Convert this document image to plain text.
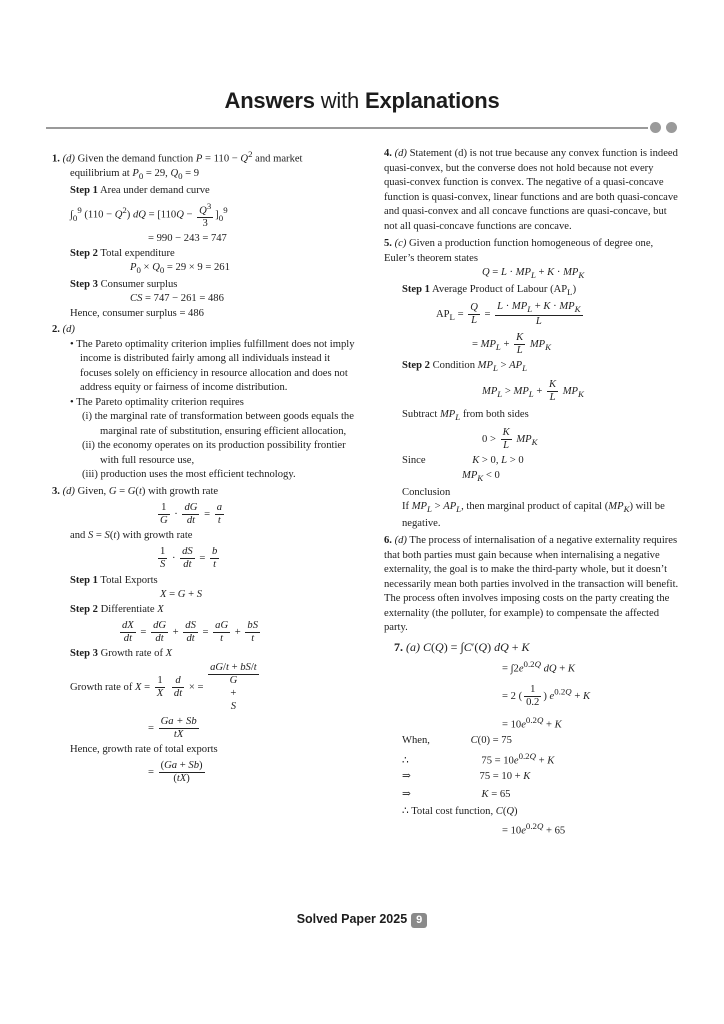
Answers with Explanations
1. (d) Given the demand function $P = 110 - Q^2$ and market
equilibrium at $P_0 = 29$, $Q_0 = 9$
Step 1 Area under demand curve
$\int_0^9$ $(110 - Q^2)$ dQ = $[110Q - \frac{Q^3}{3} ]_0^9$
= 990 − 243 = 747
Step 2 Total expenditure
$P_0 \times Q_0 = 29 \times 9 = 261$
Step 3 Consumer surplus
CS = 747 − 261 = 486
Hence, consumer surplus = 486
2. (d)
• The Pareto optimality criterion implies fulfillment does not imply income is distributed fairly among all individuals instead it focuses solely on efficiency in resource allocation and does not address equity or fairness of income distribution.
• The Pareto optimality criterion requires
(i) the marginal rate of transformation between goods equals the marginal rate of substitution, ensuring efficient allocation,
(ii) the economy operates on its production possibility frontier with full resource use,
(iii) production uses the most efficient technology.
3. (d) Given, G = G(t) with growth rate
$\frac{1}{G} \cdot \frac{dG}{dt} = \frac{a}{t}$
and S = S(t) with growth rate
$\frac{1}{S} \cdot \frac{dS}{dt} = \frac{b}{t}$
Step 1 Total Exports
X = G + S
Step 2 Differentiate X
$\frac{dX}{dt} = \frac{dG}{dt} + \frac{dS}{dt} = \frac{aG}{t} + \frac{bS}{t}$
Step 3 Growth rate of X
Growth rate of $X = \frac{1}{X}$
$\frac{d}{dt}$ × =
aG/t + bS/t
G
+
S
= $\frac{Ga + Sb}{tX}$
Hence, growth rate of total exports
= $\frac{(Ga + Sb)}{(tX)}$
4. (d) Statement (d) is not true because any convex function is indeed quasi-convex, but the converse does not hold because not every quasi-convex function is convex. The negative of a quasi-concave function is quasi-convex, linear functions and are both quasi-concave and quasi-convex and all concave functions are quasi-concave, but not all quasi-concave functions are concave.
5. (c) Given a production function homogeneous of degree one, Euler’s theorem states
$Q = L \cdot MP_L + K \cdot MP_K$
Step 1 Average Product of Labour $(AP_L)$
$AP_L = \frac{Q}{L} = \frac{L \cdot MP_L + K \cdot MP_K}{L}$
= $MP_L + \frac{K}{L} MP_K$
Step 2 Condition $MP_L > AP_L$
$MP_L > MP_L + \frac{K}{L} MP_K$
Subtract $MP_L$ from both sides
$0 > \frac{K}{L} MP_K$
Since	K > 0, L > 0
$MP_K < 0$
Conclusion
If $MP_L > AP_L$, then marginal product of capital $(MP_K)$ will be negative.
6. (d) The process of internalisation of a negative externality requires that both parties must gain because when internalising a negative externality, the goal is to make the third-party whole, but it doesn’t necessarily mean both parties involved in the transaction will benefit. The process often involves imposing costs on the party creating the externality (the polluter, for example) to compensate the affected party.
7. (a) C(Q) = ∫C′(Q) dQ + K
= $\int 2e^{0.2Q}$ dQ + K
= 2 ( $\frac{1}{0.2}$ ) $e^{0.2Q} + K$
= $10e^{0.2Q} + K$
When,	C(0) = 75
∴	$75 = 10e^{0.2Q} + K$
⇒	75 = 10 + K
⇒	K = 65
∴ Total cost function, C(Q)
= $10e^{0.2Q} + 65$
Solved Paper 2025 9
